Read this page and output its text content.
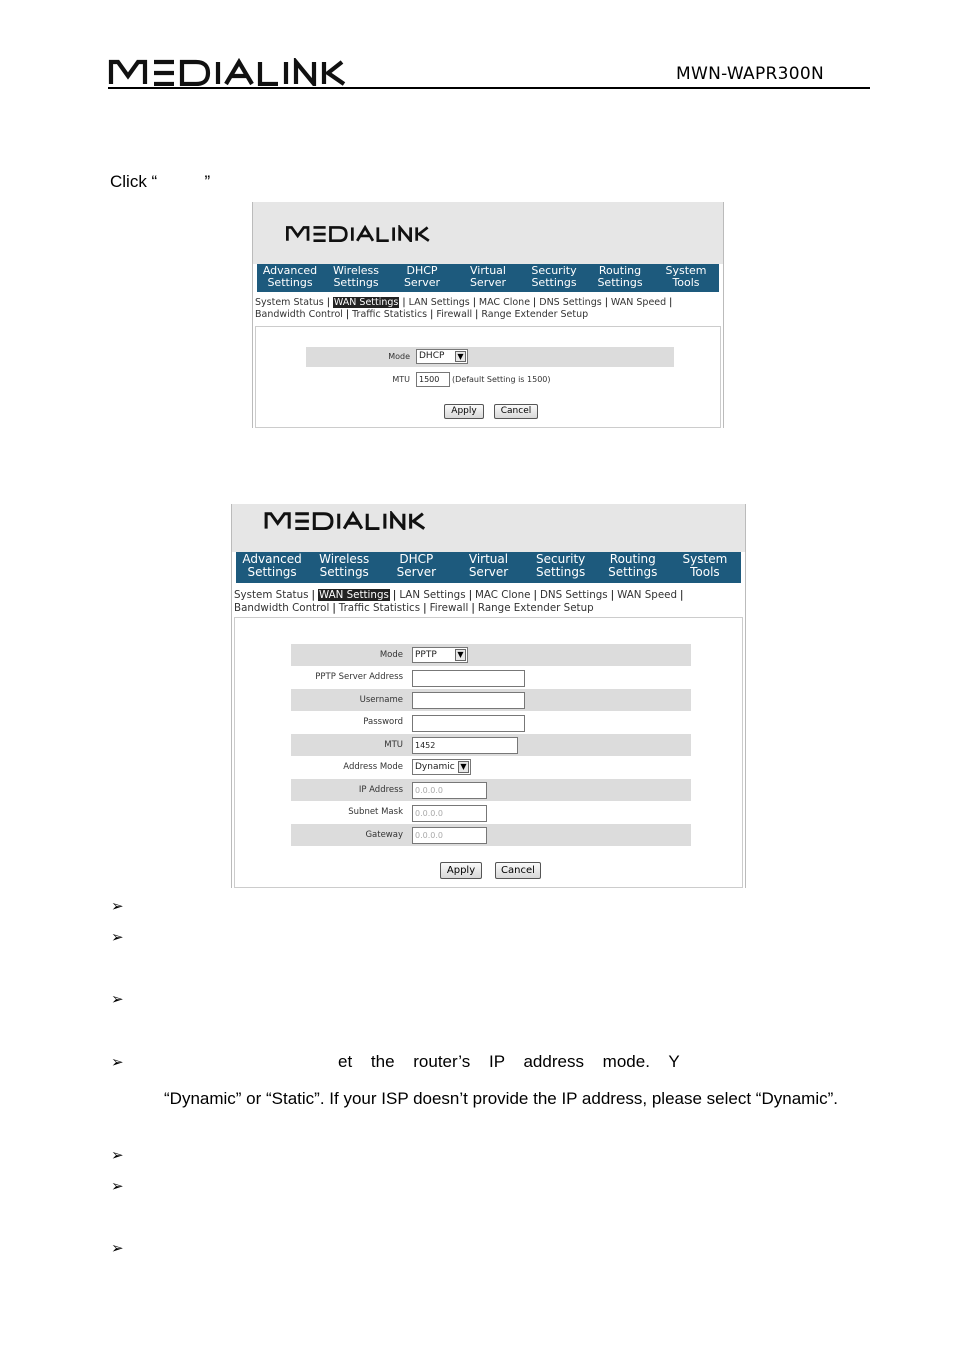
MWN-WAPR300N
Click “          ”
Advanced
Settings
Wireless
Settings
DHCP
Server
Virtual
Server
Security
Settings
Routing
Settings
System
Tools
System Status | WAN Settings | LAN Settings | MAC Clone | DNS Settings | WAN Speed |
Bandwidth Control | Traffic Statistics | Firewall | Range Extender Setup
Mode	DHCP	▼
MTU	1500	(Default Setting is 1500)
Apply	Cancel
Advanced
Settings
Wireless
Settings
DHCP
Server
Virtual
Server
Security
Settings
Routing
Settings
System
Tools
System Status | WAN Settings | LAN Settings | MAC Clone | DNS Settings | WAN Speed |
Bandwidth Control | Traffic Statistics | Firewall | Range Extender Setup
Mode	PPTP	▼
PPTP Server Address
Username
Password
MTU	1452
Address Mode	Dynamic ▼
IP Address	0.0.0.0
Subnet Mask	0.0.0.0
Gateway	0.0.0.0
Apply	Cancel
➢
➢
➢
➢
➢
➢
➢
et the router’s IP address mode. Y
“Dynamic” or “Static”. If your ISP doesn’t provide the IP address, please select “Dynamic”.
